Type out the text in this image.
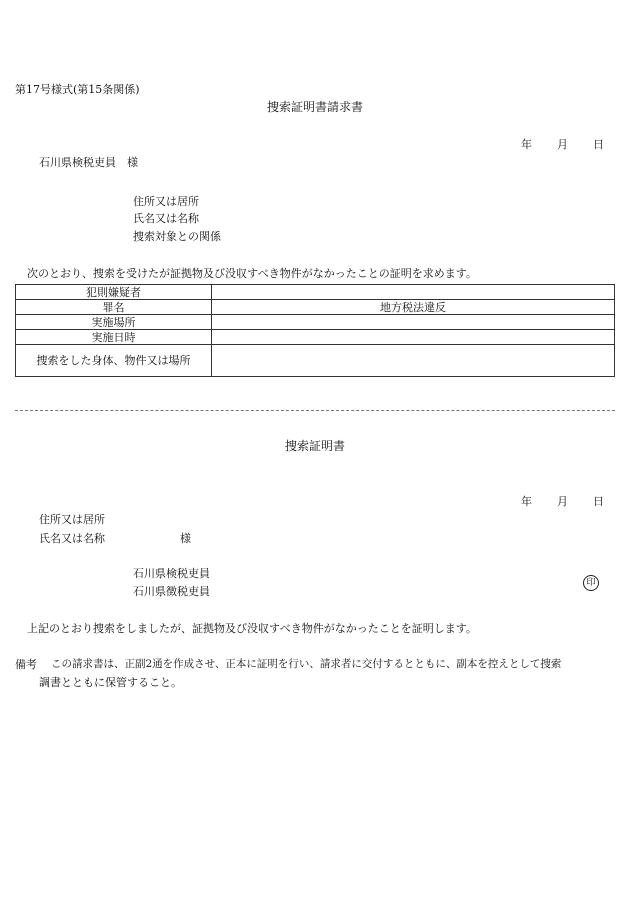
第17号様式(第15条関係)
捜索証明書請求書
年 月 日
石川県検税吏員　様
住所又は居所
氏名又は名称
捜索対象との関係
次のとおり、捜索を受けたが証拠物及び没収すべき物件がなかったことの証明を求めます。
犯則嫌疑者	
罪名	地方税法違反
実施場所	
実施日時	
捜索をした身体、物件又は場所	
捜索証明書
年 月 日
住所又は居所
氏名又は名称	様
石川県検税吏員
石川県徴税吏員
印
上記のとおり捜索をしましたが、証拠物及び没収すべき物件がなかったことを証明します。
備考 この請求書は、正副2通を作成させ、正本に証明を行い、請求者に交付するとともに、副本を控えとして捜索
調書とともに保管すること。
